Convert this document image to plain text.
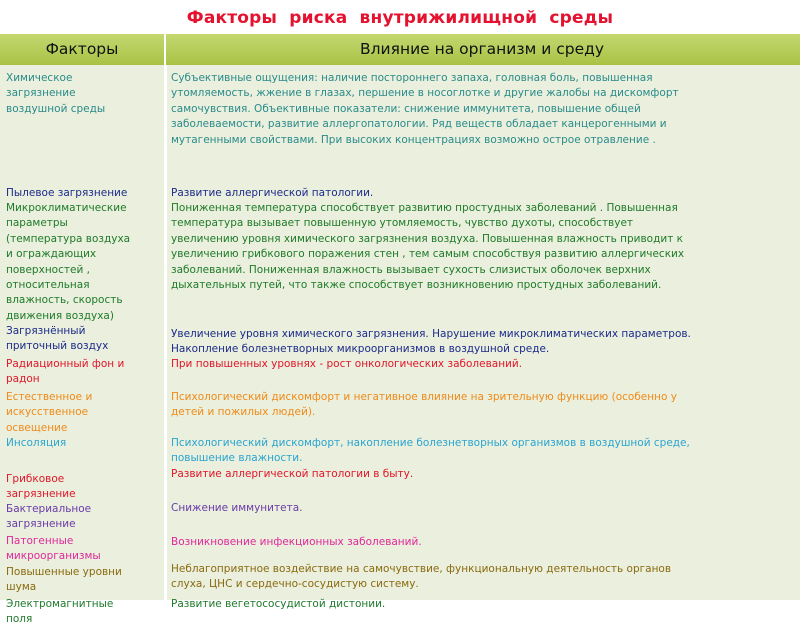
Факторы риска внутрижилищной среды
Факторы	Влияние на организм и среду
Химическое
загрязнение
воздушной среды
Пылевое загрязнение
Микроклиматические
параметры
(температура воздуха
и ограждающих
поверхностей ,
относительная
влажность, скорость
движения воздуха)
Загрязнённый
приточный воздух
Радиационный фон и
радон
Естественное и
искусственное
освещение
Инсоляция
Грибковое
загрязнение
Бактериальное
загрязнение
Патогенные
микроорганизмы
Повышенные уровни
шума
Электромагнитные
поля
Субъективные ощущения: наличие постороннего запаха, головная боль, повышенная
утомляемость, жжение в глазах, першение в носоглотке и другие жалобы на дискомфорт
самочувствия. Объективные показатели: снижение иммунитета, повышение общей
заболеваемости, развитие аллергопатологии. Ряд веществ обладает канцерогенными и
мутагенными свойствами. При высоких концентрациях возможно острое отравление .
Развитие аллергической патологии.
Пониженная температура способствует развитию простудных заболеваний . Повышенная
температура вызывает повышенную утомляемость, чувство духоты, способствует
увеличению уровня химического загрязнения воздуха. Повышенная влажность приводит к
увеличению грибкового поражения стен , тем самым способствуя развитию аллергических
заболеваний. Пониженная влажность вызывает сухость слизистых оболочек верхних
дыхательных путей, что также способствует возникновению простудных заболеваний.
Увеличение уровня химического загрязнения. Нарушение микроклиматических параметров.
Накопление болезнетворных микроорганизмов в воздушной среде.
При повышенных уровнях - рост онкологических заболеваний.
Психологический дискомфорт и негативное влияние на зрительную функцию (особенно у
детей и пожилых людей).
Психологический дискомфорт, накопление болезнетворных организмов в воздушной среде,
повышение влажности.
Развитие аллергической патологии в быту.
Снижение иммунитета.
Возникновение инфекционных заболеваний.
Неблагоприятное воздействие на самочувствие, функциональную деятельность органов
слуха, ЦНС и сердечно-сосудистую систему.
Развитие вегетососудистой дистонии.
